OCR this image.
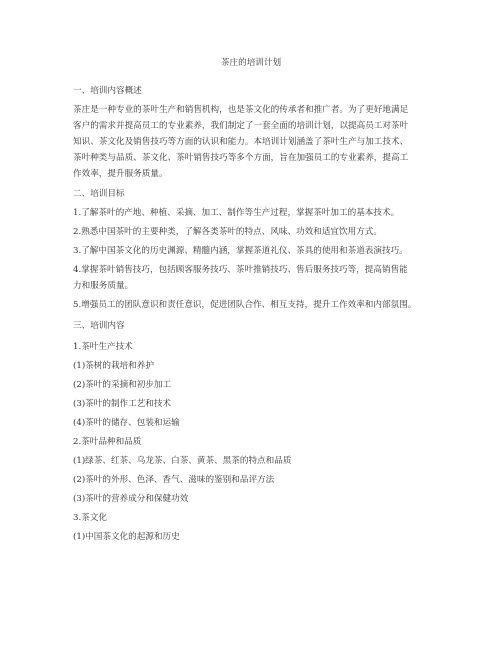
茶庄的培训计划
一、培训内容概述
茶庄是一种专业的茶叶生产和销售机构，也是茶文化的传承者和推广者。为了更好地满足
客户的需求并提高员工的专业素养，我们制定了一套全面的培训计划，以提高员工对茶叶
知识、茶文化及销售技巧等方面的认识和能力。本培训计划涵盖了茶叶生产与加工技术、
茶叶种类与品质、茶文化、茶叶销售技巧等多个方面，旨在加强员工的专业素养，提高工
作效率，提升服务质量。
二、培训目标
1.了解茶叶的产地、种植、采摘、加工、制作等生产过程，掌握茶叶加工的基本技术。
2.熟悉中国茶叶的主要种类，了解各类茶叶的特点、风味、功效和适宜饮用方式。
3.了解中国茶文化的历史渊源、精髓内涵，掌握茶道礼仪、茶具的使用和茶道表演技巧。
4.掌握茶叶销售技巧，包括顾客服务技巧、茶叶推销技巧、售后服务技巧等，提高销售能
力和服务质量。
5.增强员工的团队意识和责任意识，促进团队合作、相互支持，提升工作效率和内部氛围。
三、培训内容
1.茶叶生产技术
(1)茶树的栽培和养护
(2)茶叶的采摘和初步加工
(3)茶叶的制作工艺和技术
(4)茶叶的储存、包装和运输
2.茶叶品种和品质
(1)绿茶、红茶、乌龙茶、白茶、黄茶、黑茶的特点和品质
(2)茶叶的外形、色泽、香气、滋味的鉴别和品评方法
(3)茶叶的营养成分和保健功效
3.茶文化
(1)中国茶文化的起源和历史
